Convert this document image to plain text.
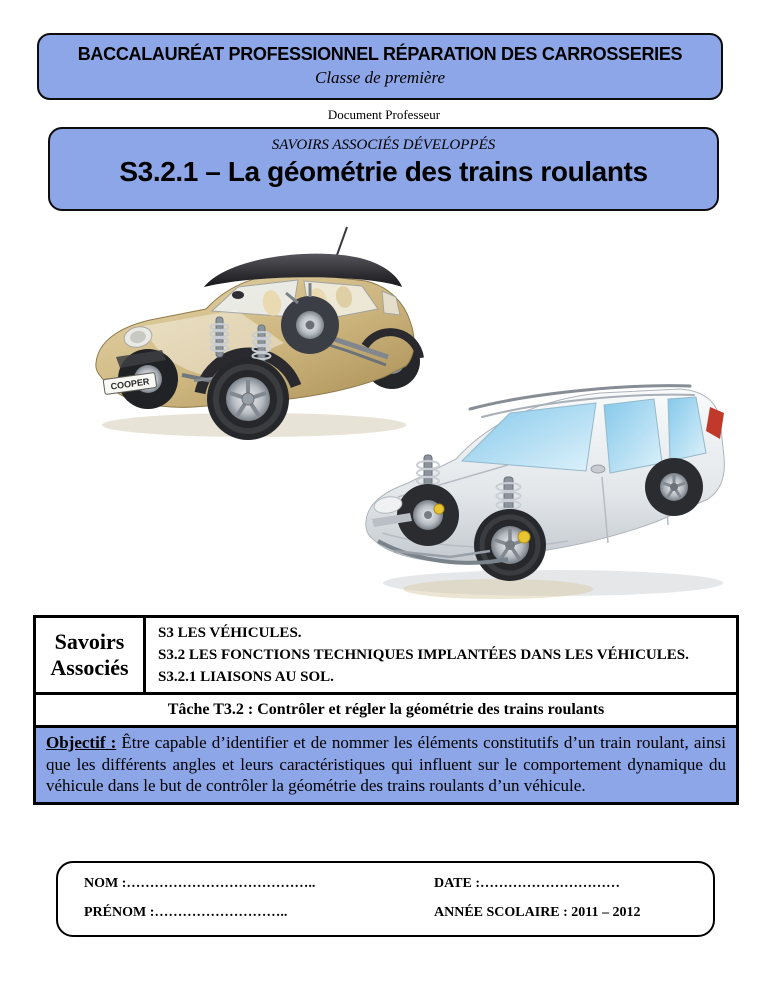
BACCALAURÉAT PROFESSIONNEL RÉPARATION DES CARROSSERIES
Classe de première
Document Professeur
SAVOIRS ASSOCIÉS DÉVELOPPÉS
S3.2.1 – La géométrie des trains roulants
COOPER
Savoirs
Associés
S3 LES VÉHICULES.
S3.2 LES FONCTIONS TECHNIQUES IMPLANTÉES DANS LES VÉHICULES.
S3.2.1 LIAISONS AU SOL.
Tâche T3.2 : Contrôler et régler la géométrie des trains roulants
Objectif : Être capable d’identifier et de nommer les éléments constitutifs d’un train roulant, ainsi que les différents angles et leurs caractéristiques qui influent sur le comportement dynamique du véhicule dans le but de contrôler la géométrie des trains roulants d’un véhicule.
NOM :…………………………………..
PRÉNOM :………………………..
DATE :…………………………
ANNÉE SCOLAIRE : 2011 – 2012
